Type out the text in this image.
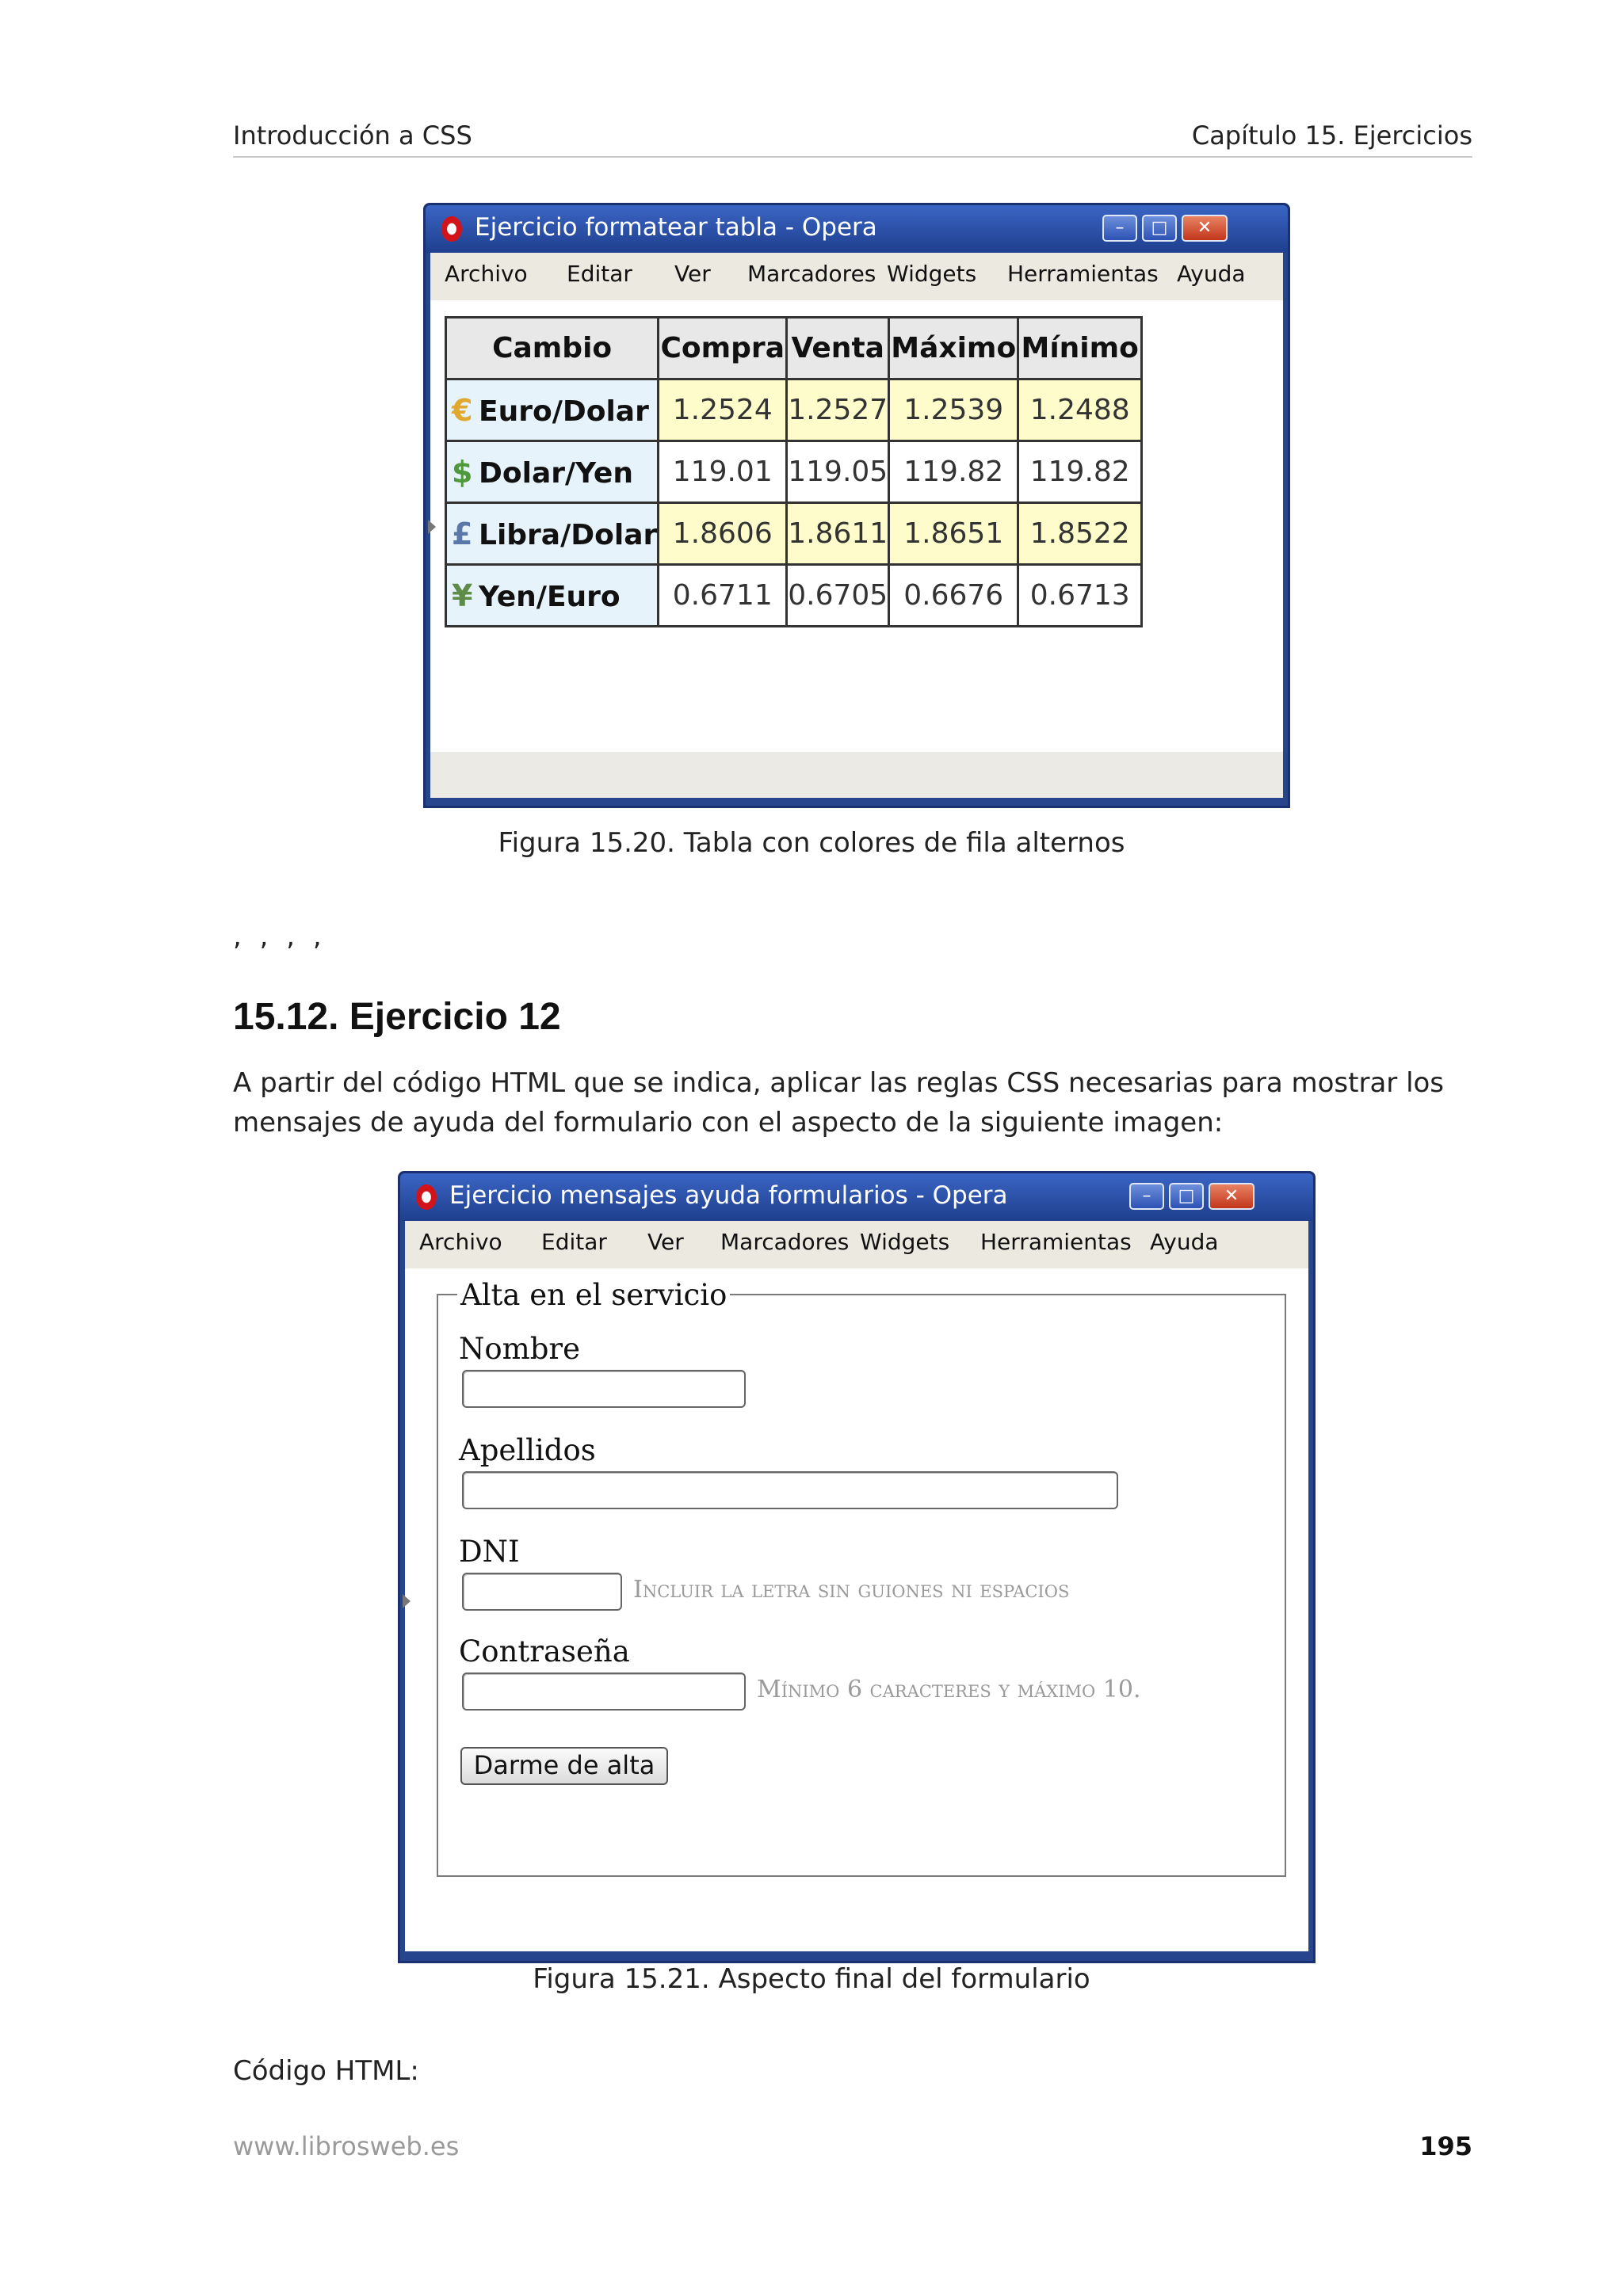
Introducción a CSS	Capítulo 15. Ejercicios
Ejercicio formatear tabla - Opera	–	□	✕
Archivo Editar Ver Marcadores Widgets Herramientas Ayuda
Cambio	Compra	Venta	Máximo	Mínimo
€ Euro/Dolar	1.2524	1.2527	1.2539	1.2488
$ Dolar/Yen	119.01	119.05	119.82	119.82
£ Libra/Dolar	1.8606	1.8611	1.8651	1.8522
¥ Yen/Euro	0.6711	0.6705	0.6676	0.6713
Figura 15.20. Tabla con colores de fila alternos
, , , ,
15.12. Ejercicio 12
A partir del código HTML que se indica, aplicar las reglas CSS necesarias para mostrar los mensajes de ayuda del formulario con el aspecto de la siguiente imagen:
Ejercicio mensajes ayuda formularios - Opera	–	□	✕
Archivo Editar Ver Marcadores Widgets Herramientas Ayuda
Alta en el servicio
Nombre
Apellidos
DNI
Incluir la letra sin guiones ni espacios
Contraseña
Mínimo 6 caracteres y máximo 10.
Darme de alta
Figura 15.21. Aspecto final del formulario
Código HTML:
www.librosweb.es	195
